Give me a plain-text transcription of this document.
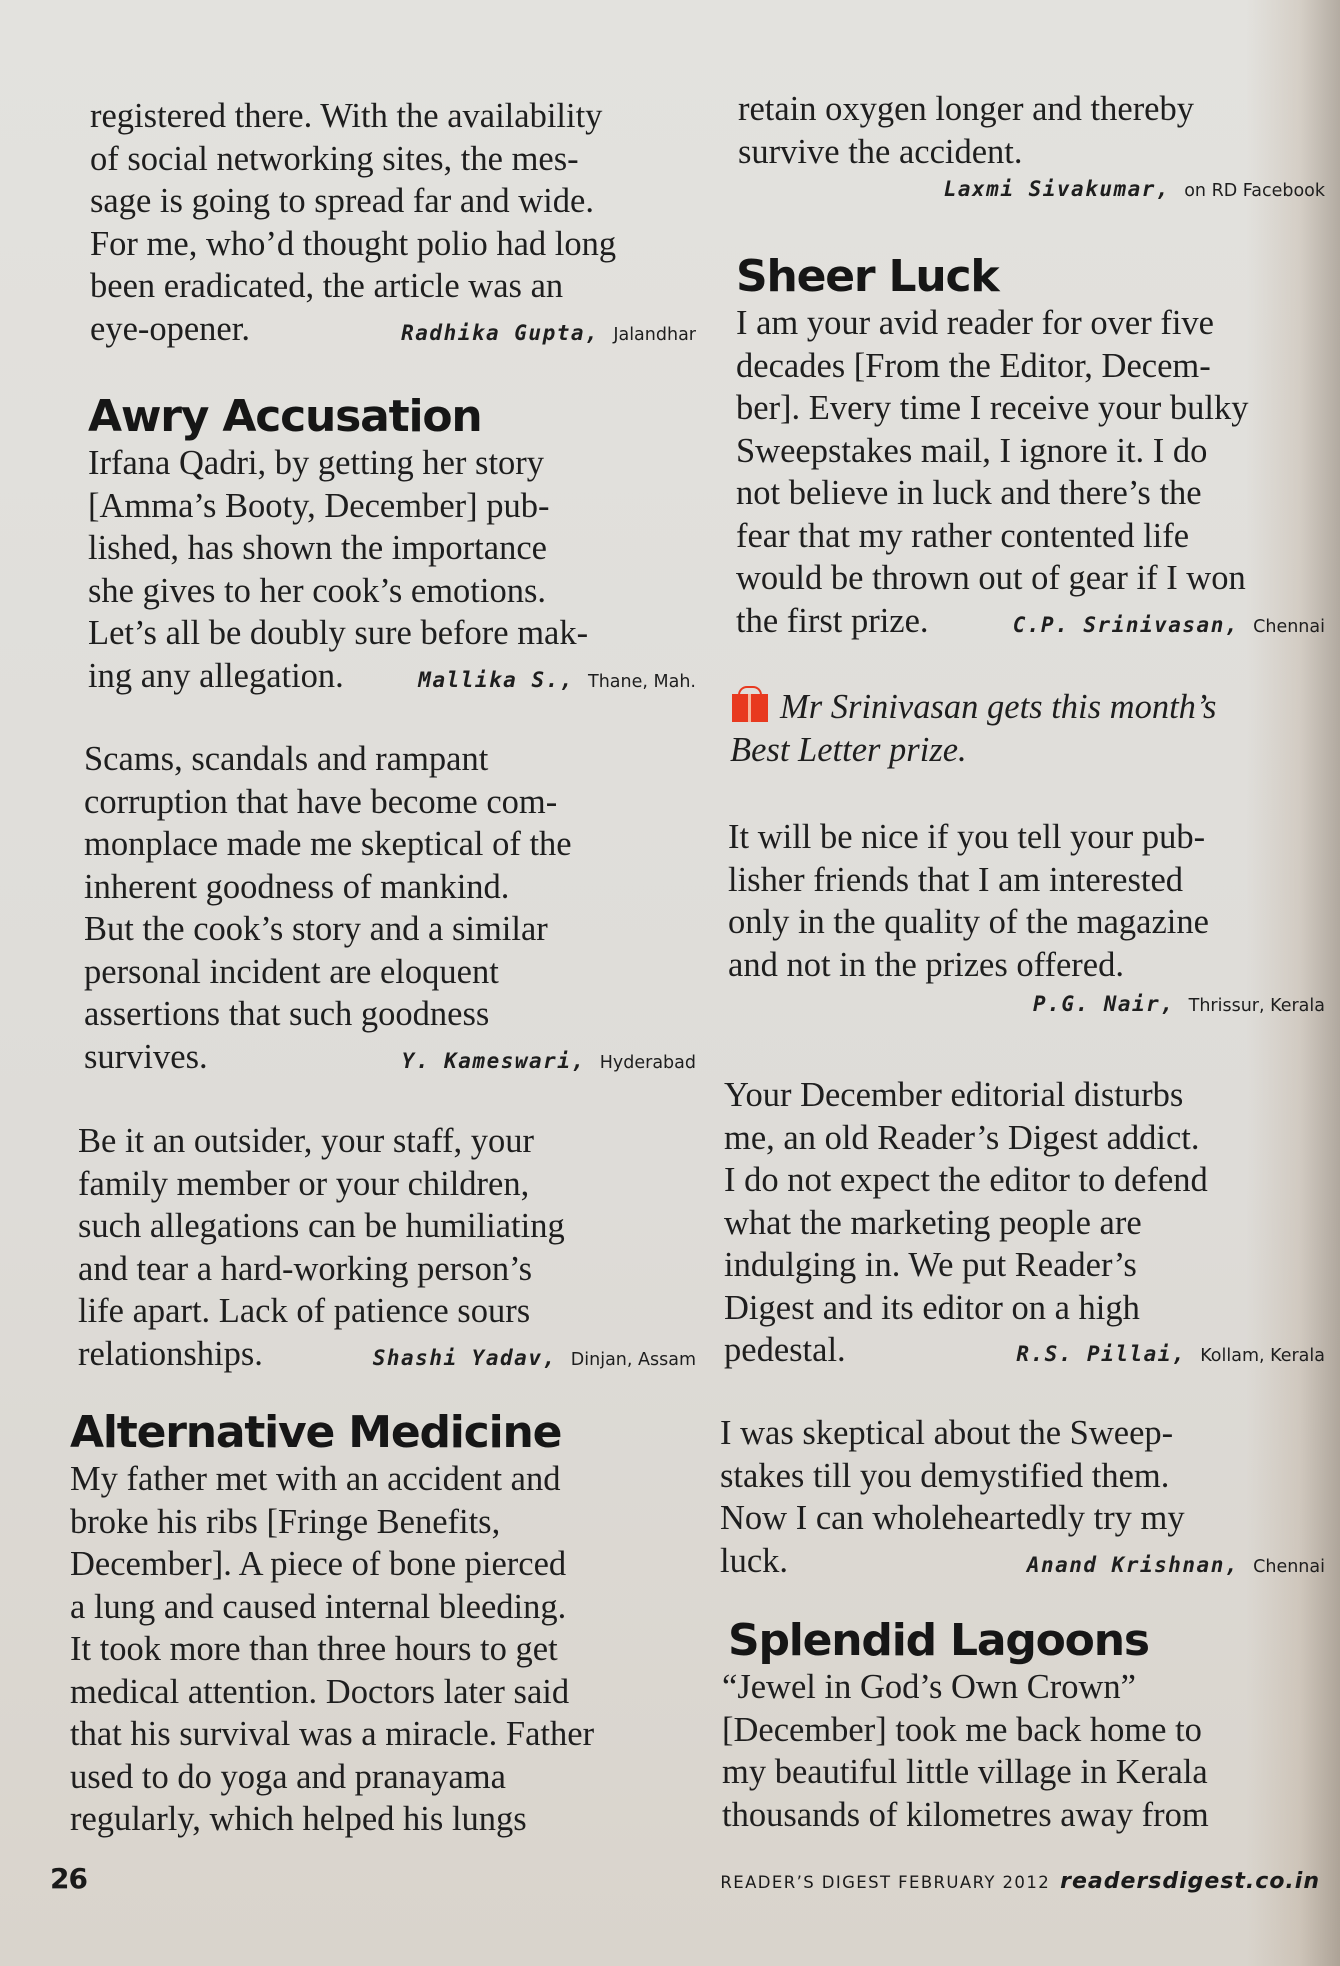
registered there. With the availability
of social networking sites, the mes-
sage is going to spread far and wide.
For me, who’d thought polio had long
been eradicated, the article was an
eye-opener.	Radhika Gupta, Jalandhar

Awry Accusation

Irfana Qadri, by getting her story
[Amma’s Booty, December] pub-
lished, has shown the importance
she gives to her cook’s emotions.
Let’s all be doubly sure before mak-
ing any allegation.	Mallika S., Thane, Mah.

Scams, scandals and rampant
corruption that have become com-
monplace made me skeptical of the
inherent goodness of mankind.
But the cook’s story and a similar
personal incident are eloquent
assertions that such goodness
survives.	Y. Kameswari, Hyderabad

Be it an outsider, your staff, your
family member or your children,
such allegations can be humiliating
and tear a hard-working person’s
life apart. Lack of patience sours
relationships.	Shashi Yadav, Dinjan, Assam

Alternative Medicine

My father met with an accident and
broke his ribs [Fringe Benefits,
December]. A piece of bone pierced
a lung and caused internal bleeding.
It took more than three hours to get
medical attention. Doctors later said
that his survival was a miracle. Father
used to do yoga and pranayama
regularly, which helped his lungs

retain oxygen longer and thereby
survive the accident.

Laxmi Sivakumar, on RD Facebook
Sheer Luck

I am your avid reader for over five
decades [From the Editor, Decem-
ber]. Every time I receive your bulky
Sweepstakes mail, I ignore it. I do
not believe in luck and there’s the
fear that my rather contented life
would be thrown out of gear if I won
the first prize.	C.P. Srinivasan, Chennai

Mr Srinivasan gets this month’s
Best Letter prize.

It will be nice if you tell your pub-
lisher friends that I am interested
only in the quality of the magazine
and not in the prizes offered.

P.G. Nair, Thrissur, Kerala

Your December editorial disturbs
me, an old Reader’s Digest addict.
I do not expect the editor to defend
what the marketing people are
indulging in. We put Reader’s
Digest and its editor on a high
pedestal.	R.S. Pillai, Kollam, Kerala

I was skeptical about the Sweep-
stakes till you demystified them.
Now I can wholeheartedly try my
luck.	Anand Krishnan, Chennai

Splendid Lagoons

“Jewel in God’s Own Crown”
[December] took me back home to
my beautiful little village in Kerala
thousands of kilometres away from

26	READER’S DIGEST FEBRUARY 2012 readersdigest.co.in
